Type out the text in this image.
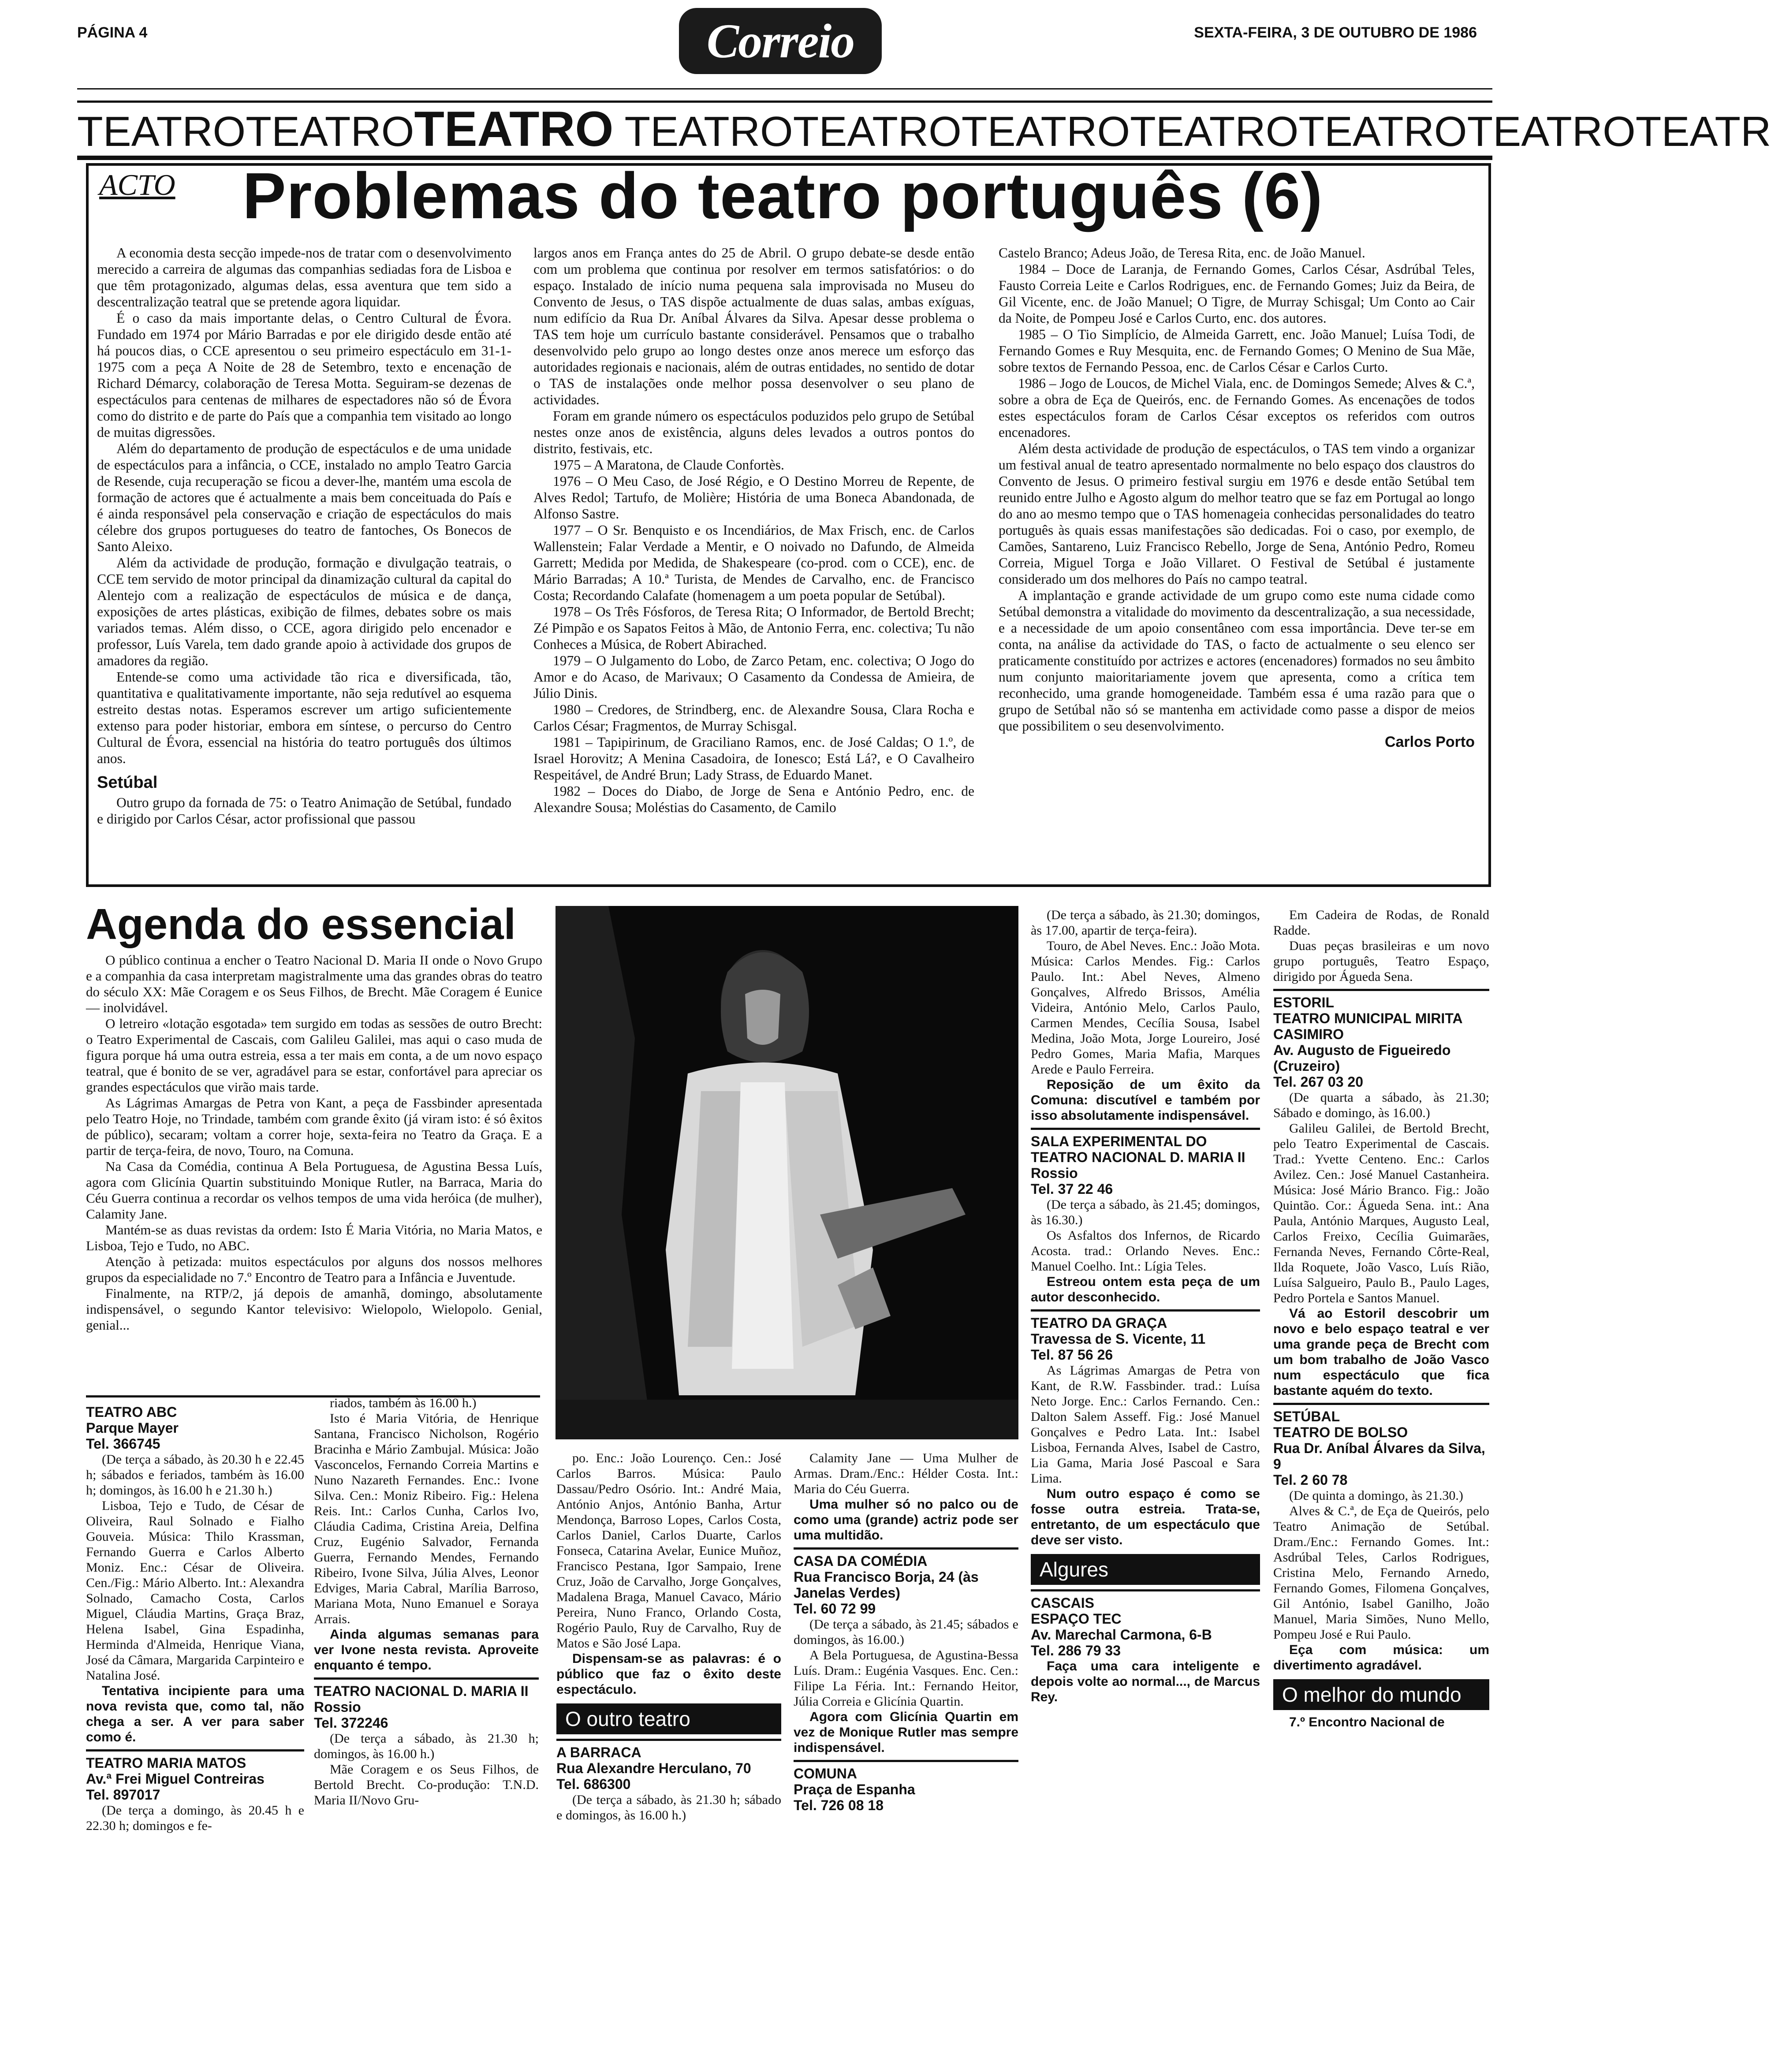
PÁGINA 4	Correio	SEXTA-FEIRA, 3 DE OUTUBRO DE 1986
TEATROTEATROTEATRO TEATROTEATROTEATROTEATROTEATROTEATROTEATR
ACTO Problemas do teatro português (6)

A economia desta secção impede-nos de tratar com o desenvolvimento merecido a carreira de algumas das companhias sediadas fora de Lisboa e que têm protagonizado, algumas delas, essa aventura que tem sido a descentralização teatral que se pretende agora liquidar.

É o caso da mais importante delas, o Centro Cultural de Évora. Fundado em 1974 por Mário Barradas e por ele dirigido desde então até há poucos dias, o CCE apresentou o seu primeiro espectáculo em 31-1-1975 com a peça A Noite de 28 de Setembro, texto e encenação de Richard Démarcy, colaboração de Teresa Motta. Seguiram-se dezenas de espectáculos para centenas de milhares de espectadores não só de Évora como do distrito e de parte do País que a companhia tem visitado ao longo de muitas digressões.

Além do departamento de produção de espectáculos e de uma unidade de espectáculos para a infância, o CCE, instalado no amplo Teatro Garcia de Resende, cuja recuperação se ficou a dever-lhe, mantém uma escola de formação de actores que é actualmente a mais bem conceituada do País e é ainda responsável pela conservação e criação de espectáculos do mais célebre dos grupos portugueses do teatro de fantoches, Os Bonecos de Santo Aleixo.

Além da actividade de produção, formação e divulgação teatrais, o CCE tem servido de motor principal da dinamização cultural da capital do Alentejo com a realização de espectáculos de música e de dança, exposições de artes plásticas, exibição de filmes, debates sobre os mais variados temas. Além disso, o CCE, agora dirigido pelo encenador e professor, Luís Varela, tem dado grande apoio à actividade dos grupos de amadores da região.

Entende-se como uma actividade tão rica e diversificada, tão, quantitativa e qualitativamente importante, não seja redutível ao esquema estreito destas notas. Esperamos escrever um artigo suficientemente extenso para poder historiar, embora em síntese, o percurso do Centro Cultural de Évora, essencial na história do teatro português dos últimos anos.

Setúbal

Outro grupo da fornada de 75: o Teatro Animação de Setúbal, fundado e dirigido por Carlos César, actor profissional que passou

largos anos em França antes do 25 de Abril. O grupo debate-se desde então com um problema que continua por resolver em termos satisfatórios: o do espaço. Instalado de início numa pequena sala improvisada no Museu do Convento de Jesus, o TAS dispõe actualmente de duas salas, ambas exíguas, num edifício da Rua Dr. Aníbal Álvares da Silva. Apesar desse problema o TAS tem hoje um currículo bastante considerável. Pensamos que o trabalho desenvolvido pelo grupo ao longo destes onze anos merece um esforço das autoridades regionais e nacionais, além de outras entidades, no sentido de dotar o TAS de instalações onde melhor possa desenvolver o seu plano de actividades.

Foram em grande número os espectáculos poduzidos pelo grupo de Setúbal nestes onze anos de existência, alguns deles levados a outros pontos do distrito, festivais, etc.

1975 – A Maratona, de Claude Confortès.

1976 – O Meu Caso, de José Régio, e O Destino Morreu de Repente, de Alves Redol; Tartufo, de Molière; História de uma Boneca Abandonada, de Alfonso Sastre.

1977 – O Sr. Benquisto e os Incendiários, de Max Frisch, enc. de Carlos Wallenstein; Falar Verdade a Mentir, e O noivado no Dafundo, de Almeida Garrett; Medida por Medida, de Shakespeare (co-prod. com o CCE), enc. de Mário Barradas; A 10.ª Turista, de Mendes de Carvalho, enc. de Francisco Costa; Recordando Calafate (homenagem a um poeta popular de Setúbal).

1978 – Os Três Fósforos, de Teresa Rita; O Informador, de Bertold Brecht; Zé Pimpão e os Sapatos Feitos à Mão, de Antonio Ferra, enc. colectiva; Tu não Conheces a Música, de Robert Abirached.

1979 – O Julgamento do Lobo, de Zarco Petam, enc. colectiva; O Jogo do Amor e do Acaso, de Marivaux; O Casamento da Condessa de Amieira, de Júlio Dinis.

1980 – Credores, de Strindberg, enc. de Alexandre Sousa, Clara Rocha e Carlos César; Fragmentos, de Murray Schisgal.

1981 – Tapipirinum, de Graciliano Ramos, enc. de José Caldas; O 1.º, de Israel Horovitz; A Menina Casadoira, de Ionesco; Está Lá?, e O Cavalheiro Respeitável, de André Brun; Lady Strass, de Eduardo Manet.

1982 – Doces do Diabo, de Jorge de Sena e António Pedro, enc. de Alexandre Sousa; Moléstias do Casamento, de Camilo

Castelo Branco; Adeus João, de Teresa Rita, enc. de João Manuel.

1984 – Doce de Laranja, de Fernando Gomes, Carlos César, Asdrúbal Teles, Fausto Correia Leite e Carlos Rodrigues, enc. de Fernando Gomes; Juiz da Beira, de Gil Vicente, enc. de João Manuel; O Tigre, de Murray Schisgal; Um Conto ao Cair da Noite, de Pompeu José e Carlos Curto, enc. dos autores.

1985 – O Tio Simplício, de Almeida Garrett, enc. João Manuel; Luísa Todi, de Fernando Gomes e Ruy Mesquita, enc. de Fernando Gomes; O Menino de Sua Mãe, sobre textos de Fernando Pessoa, enc. de Carlos César e Carlos Curto.

1986 – Jogo de Loucos, de Michel Viala, enc. de Domingos Semede; Alves & C.ª, sobre a obra de Eça de Queirós, enc. de Fernando Gomes. As encenações de todos estes espectáculos foram de Carlos César exceptos os referidos com outros encenadores.

Além desta actividade de produção de espectáculos, o TAS tem vindo a organizar um festival anual de teatro apresentado normalmente no belo espaço dos claustros do Convento de Jesus. O primeiro festival surgiu em 1976 e desde então Setúbal tem reunido entre Julho e Agosto algum do melhor teatro que se faz em Portugal ao longo do ano ao mesmo tempo que o TAS homenageia conhecidas personalidades do teatro português às quais essas manifestações são dedicadas. Foi o caso, por exemplo, de Camões, Santareno, Luiz Francisco Rebello, Jorge de Sena, António Pedro, Romeu Correia, Miguel Torga e João Villaret. O Festival de Setúbal é justamente considerado um dos melhores do País no campo teatral.

A implantação e grande actividade de um grupo como este numa cidade como Setúbal demonstra a vitalidade do movimento da descentralização, a sua necessidade, e a necessidade de um apoio consentâneo com essa importância. Deve ter-se em conta, na análise da actividade do TAS, o facto de actualmente o seu elenco ser praticamente constituído por actrizes e actores (encenadores) formados no seu âmbito num conjunto maioritariamente jovem que apresenta, como a crítica tem reconhecido, uma grande homogeneidade. Também essa é uma razão para que o grupo de Setúbal não só se mantenha em actividade como passe a dispor de meios que possibilitem o seu desenvolvimento.

Carlos Porto
Agenda do essencial

O público continua a encher o Teatro Nacional D. Maria II onde o Novo Grupo e a companhia da casa interpretam magistralmente uma das grandes obras do teatro do século XX: Mãe Coragem e os Seus Filhos, de Brecht. Mãe Coragem é Eunice — inolvidável.

O letreiro «lotação esgotada» tem surgido em todas as sessões de outro Brecht: o Teatro Experimental de Cascais, com Galileu Galilei, mas aqui o caso muda de figura porque há uma outra estreia, essa a ter mais em conta, a de um novo espaço teatral, que é bonito de se ver, agradável para se estar, confortável para apreciar os grandes espectáculos que virão mais tarde.

As Lágrimas Amargas de Petra von Kant, a peça de Fassbinder apresentada pelo Teatro Hoje, no Trindade, também com grande êxito (já viram isto: é só êxitos de público), secaram; voltam a correr hoje, sexta-feira no Teatro da Graça. E a partir de terça-feira, de novo, Touro, na Comuna.

Na Casa da Comédia, continua A Bela Portuguesa, de Agustina Bessa Luís, agora com Glicínia Quartin substituindo Monique Rutler, na Barraca, Maria do Céu Guerra continua a recordar os velhos tempos de uma vida heróica (de mulher), Calamity Jane.

Mantém-se as duas revistas da ordem: Isto É Maria Vitória, no Maria Matos, e Lisboa, Tejo e Tudo, no ABC.

Atenção à petizada: muitos espectáculos por alguns dos nossos melhores grupos da especialidade no 7.º Encontro de Teatro para a Infância e Juventude.

Finalmente, na RTP/2, já depois de amanhã, domingo, absolutamente indispensável, o segundo Kantor televisivo: Wielopolo, Wielopolo. Genial, genial...

TEATRO ABC
Parque Mayer
Tel. 366745

(De terça a sábado, às 20.30 h e 22.45 h; sábados e feriados, também às 16.00 h; domingos, às 16.00 h e 21.30 h.)

Lisboa, Tejo e Tudo, de César de Oliveira, Raul Solnado e Fialho Gouveia. Música: Thilo Krassman, Fernando Guerra e Carlos Alberto Moniz. Enc.: César de Oliveira. Cen./Fig.: Mário Alberto. Int.: Alexandra Solnado, Camacho Costa, Carlos Miguel, Cláudia Martins, Graça Braz, Helena Isabel, Gina Espadinha, Herminda d'Almeida, Henrique Viana, José da Câmara, Margarida Carpinteiro e Natalina José.

Tentativa incipiente para uma nova revista que, como tal, não chega a ser. A ver para saber como é.

TEATRO MARIA MATOS
Av.ª Frei Miguel Contreiras
Tel. 897017

(De terça a domingo, às 20.45 h e 22.30 h; domingos e fe-

riados, também às 16.00 h.)

Isto é Maria Vitória, de Henrique Santana, Francisco Nicholson, Rogério Bracinha e Mário Zambujal. Música: João Vasconcelos, Fernando Correia Martins e Nuno Nazareth Fernandes. Enc.: Ivone Silva. Cen.: Moniz Ribeiro. Fig.: Helena Reis. Int.: Carlos Cunha, Carlos Ivo, Cláudia Cadima, Cristina Areia, Delfina Cruz, Eugénio Salvador, Fernanda Guerra, Fernando Mendes, Fernando Ribeiro, Ivone Silva, Júlia Alves, Leonor Edviges, Maria Cabral, Marília Barroso, Mariana Mota, Nuno Emanuel e Soraya Arrais.

Ainda algumas semanas para ver Ivone nesta revista. Aproveite enquanto é tempo.

TEATRO NACIONAL D. MARIA II
Rossio
Tel. 372246

(De terça a sábado, às 21.30 h; domingos, às 16.00 h.)

Mãe Coragem e os Seus Filhos, de Bertold Brecht. Co-produção: T.N.D. Maria II/Novo Gru-

po. Enc.: João Lourenço. Cen.: José Carlos Barros. Música: Paulo Dassau/Pedro Osório. Int.: André Maia, António Anjos, António Banha, Artur Mendonça, Barroso Lopes, Carlos Costa, Carlos Daniel, Carlos Duarte, Carlos Fonseca, Catarina Avelar, Eunice Muñoz, Francisco Pestana, Igor Sampaio, Irene Cruz, João de Carvalho, Jorge Gonçalves, Madalena Braga, Manuel Cavaco, Mário Pereira, Nuno Franco, Orlando Costa, Rogério Paulo, Ruy de Carvalho, Ruy de Matos e São José Lapa.

Dispensam-se as palavras: é o público que faz o êxito deste espectáculo.

O outro teatro
A BARRACA
Rua Alexandre Herculano, 70
Tel. 686300

(De terça a sábado, às 21.30 h; sábado e domingos, às 16.00 h.)

Calamity Jane — Uma Mulher de Armas. Dram./Enc.: Hélder Costa. Int.: Maria do Céu Guerra.

Uma mulher só no palco ou de como uma (grande) actriz pode ser uma multidão.

CASA DA COMÉDIA
Rua Francisco Borja, 24 (às Janelas Verdes)
Tel. 60 72 99

(De terça a sábado, às 21.45; sábados e domingos, às 16.00.)

A Bela Portuguesa, de Agustina-Bessa Luís. Dram.: Eugénia Vasques. Enc. Cen.: Filipe La Féria. Int.: Fernando Heitor, Júlia Correia e Glicínia Quartin.

Agora com Glicínia Quartin em vez de Monique Rutler mas sempre indispensável.

COMUNA
Praça de Espanha
Tel. 726 08 18

(De terça a sábado, às 21.30; domingos, às 17.00, apartir de terça-feira).

Touro, de Abel Neves. Enc.: João Mota. Música: Carlos Mendes. Fig.: Carlos Paulo. Int.: Abel Neves, Almeno Gonçalves, Alfredo Brissos, Amélia Videira, António Melo, Carlos Paulo, Carmen Mendes, Cecília Sousa, Isabel Medina, João Mota, Jorge Loureiro, José Pedro Gomes, Maria Mafia, Marques Arede e Paulo Ferreira.

Reposição de um êxito da Comuna: discutível e também por isso absolutamente indispensável.

SALA EXPERIMENTAL DO TEATRO NACIONAL D. MARIA II
Rossio
Tel. 37 22 46

(De terça a sábado, às 21.45; domingos, às 16.30.)

Os Asfaltos dos Infernos, de Ricardo Acosta. trad.: Orlando Neves. Enc.: Manuel Coelho. Int.: Lígia Teles.

Estreou ontem esta peça de um autor desconhecido.

TEATRO DA GRAÇA
Travessa de S. Vicente, 11
Tel. 87 56 26

As Lágrimas Amargas de Petra von Kant, de R.W. Fassbinder. trad.: Luísa Neto Jorge. Enc.: Carlos Fernando. Cen.: Dalton Salem Asseff. Fig.: José Manuel Gonçalves e Pedro Lata. Int.: Isabel Lisboa, Fernanda Alves, Isabel de Castro, Lia Gama, Maria José Pascoal e Sara Lima.

Num outro espaço é como se fosse outra estreia. Trata-se, entretanto, de um espectáculo que deve ser visto.

Algures
CASCAIS
ESPAÇO TEC
Av. Marechal Carmona, 6-B
Tel. 286 79 33

Faça uma cara inteligente e depois volte ao normal..., de Marcus Rey.

Em Cadeira de Rodas, de Ronald Radde.

Duas peças brasileiras e um novo grupo português, Teatro Espaço, dirigido por Águeda Sena.

ESTORIL
TEATRO MUNICIPAL MIRITA CASIMIRO
Av. Augusto de Figueiredo (Cruzeiro)
Tel. 267 03 20

(De quarta a sábado, às 21.30; Sábado e domingo, às 16.00.)

Galileu Galilei, de Bertold Brecht, pelo Teatro Experimental de Cascais. Trad.: Yvette Centeno. Enc.: Carlos Avilez. Cen.: José Manuel Castanheira. Música: José Mário Branco. Fig.: João Quintão. Cor.: Águeda Sena. int.: Ana Paula, António Marques, Augusto Leal, Carlos Freixo, Cecília Guimarães, Fernanda Neves, Fernando Côrte-Real, Ilda Roquete, João Vasco, Luís Rião, Luísa Salgueiro, Paulo B., Paulo Lages, Pedro Portela e Santos Manuel.

Vá ao Estoril descobrir um novo e belo espaço teatral e ver uma grande peça de Brecht com um bom trabalho de João Vasco num espectáculo que fica bastante aquém do texto.

SETÚBAL
TEATRO DE BOLSO
Rua Dr. Aníbal Álvares da Silva, 9
Tel. 2 60 78

(De quinta a domingo, às 21.30.)

Alves & C.ª, de Eça de Queirós, pelo Teatro Animação de Setúbal. Dram./Enc.: Fernando Gomes. Int.: Asdrúbal Teles, Carlos Rodrigues, Cristina Melo, Fernando Arnedo, Fernando Gomes, Filomena Gonçalves, Gil António, Isabel Ganilho, João Manuel, Maria Simões, Nuno Mello, Pompeu José e Rui Paulo.

Eça com música: um divertimento agradável.

O melhor do mundo

7.º Encontro Nacional de
